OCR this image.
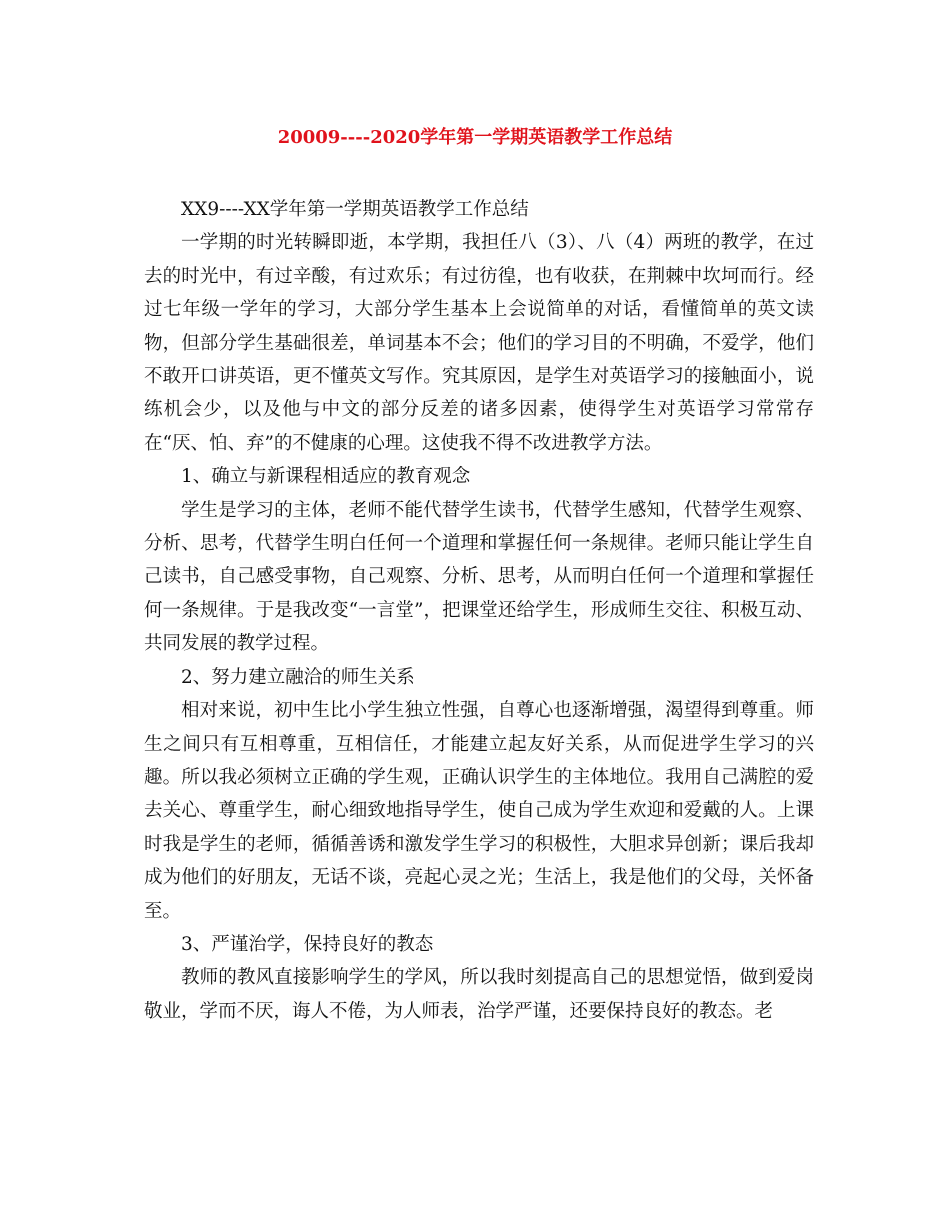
20009----2020学年第一学期英语教学工作总结

XX9----XX学年第一学期英语教学工作总结

一学期的时光转瞬即逝，本学期，我担任八（3）、八（4）两班的教学，在过去的时光中，有过辛酸，有过欢乐；有过彷徨，也有收获，在荆棘中坎坷而行。经过七年级一学年的学习，大部分学生基本上会说简单的对话，看懂简单的英文读物，但部分学生基础很差，单词基本不会；他们的学习目的不明确，不爱学，他们不敢开口讲英语，更不懂英文写作。究其原因，是学生对英语学习的接触面小，说练机会少，以及他与中文的部分反差的诸多因素，使得学生对英语学习常常存在“厌、怕、弃”的不健康的心理。这使我不得不改进教学方法。

1、确立与新课程相适应的教育观念

学生是学习的主体，老师不能代替学生读书，代替学生感知，代替学生观察、分析、思考，代替学生明白任何一个道理和掌握任何一条规律。老师只能让学生自己读书，自己感受事物，自己观察、分析、思考，从而明白任何一个道理和掌握任何一条规律。于是我改变“一言堂”，把课堂还给学生，形成师生交往、积极互动、共同发展的教学过程。

2、努力建立融洽的师生关系

相对来说，初中生比小学生独立性强，自尊心也逐渐增强，渴望得到尊重。师生之间只有互相尊重，互相信任，才能建立起友好关系，从而促进学生学习的兴趣。所以我必须树立正确的学生观，正确认识学生的主体地位。我用自己满腔的爱去关心、尊重学生，耐心细致地指导学生，使自己成为学生欢迎和爱戴的人。上课时我是学生的老师，循循善诱和激发学生学习的积极性，大胆求异创新；课后我却成为他们的好朋友，无话不谈，亮起心灵之光；生活上，我是他们的父母，关怀备至。

3、严谨治学，保持良好的教态

教师的教风直接影响学生的学风，所以我时刻提高自己的思想觉悟，做到爱岗敬业，学而不厌，诲人不倦，为人师表，治学严谨，还要保持良好的教态。老
